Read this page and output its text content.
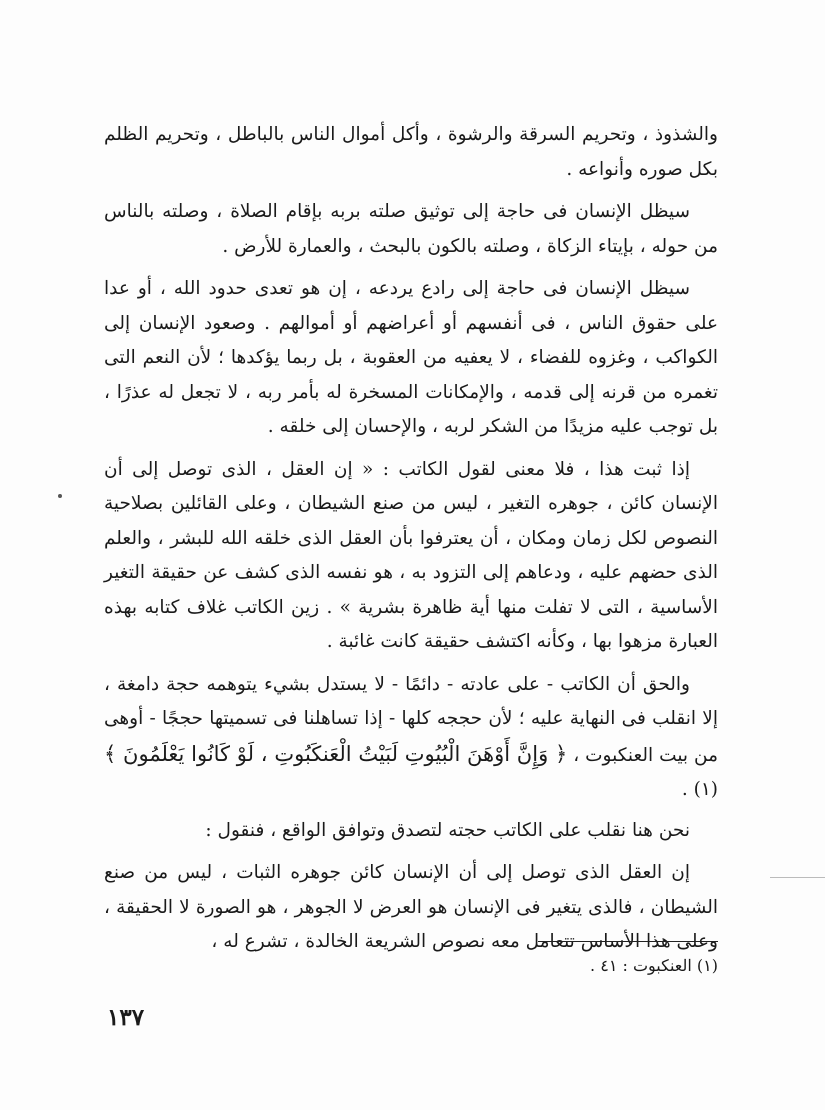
والشذوذ ، وتحريم السرقة والرشوة ، وأكل أموال الناس بالباطل ، وتحريم الظلم بكل صوره وأنواعه .

سيظل الإنسان فى حاجة إلى توثيق صلته بربه بإقام الصلاة ، وصلته بالناس من حوله ، بإيتاء الزكاة ، وصلته بالكون بالبحث ، والعمارة للأرض .

سيظل الإنسان فى حاجة إلى رادع يردعه ، إن هو تعدى حدود الله ، أو عدا على حقوق الناس ، فى أنفسهم أو أعراضهم أو أموالهم . وصعود الإنسان إلى الكواكب ، وغزوه للفضاء ، لا يعفيه من العقوبة ، بل ربما يؤكدها ؛ لأن النعم التى تغمره من قرنه إلى قدمه ، والإمكانات المسخرة له بأمر ربه ، لا تجعل له عذرًا ، بل توجب عليه مزيدًا من الشكر لربه ، والإحسان إلى خلقه .

إذا ثبت هذا ، فلا معنى لقول الكاتب : « إن العقل ، الذى توصل إلى أن الإنسان كائن ، جوهره التغير ، ليس من صنع الشيطان ، وعلى القائلين بصلاحية النصوص لكل زمان ومكان ، أن يعترفوا بأن العقل الذى خلقه الله للبشر ، والعلم الذى حضهم عليه ، ودعاهم إلى التزود به ، هو نفسه الذى كشف عن حقيقة التغير الأساسية ، التى لا تفلت منها أية ظاهرة بشرية » . زين الكاتب غلاف كتابه بهذه العبارة مزهوا بها ، وكأنه اكتشف حقيقة كانت غائبة .

والحق أن الكاتب - على عادته - دائمًا - لا يستدل بشيء يتوهمه حجة دامغة ، إلا انقلب فى النهاية عليه ؛ لأن حججه كلها - إذا تساهلنا فى تسميتها حججًا - أوهى من بيت العنكبوت ، ﴿ وَإِنَّ أَوْهَنَ الْبُيُوتِ لَبَيْتُ الْعَنكَبُوتِ ، لَوْ كَانُوا يَعْلَمُونَ ﴾ (١) .

نحن هنا نقلب على الكاتب حجته لتصدق وتوافق الواقع ، فنقول :

إن العقل الذى توصل إلى أن الإنسان كائن جوهره الثبات ، ليس من صنع الشيطان ، فالذى يتغير فى الإنسان هو العرض لا الجوهر ، هو الصورة لا الحقيقة ، وعلى هذا الأساس تتعامل معه نصوص الشريعة الخالدة ، تشرع له ،

(١) العنكبوت : ٤١ .
١٣٧
